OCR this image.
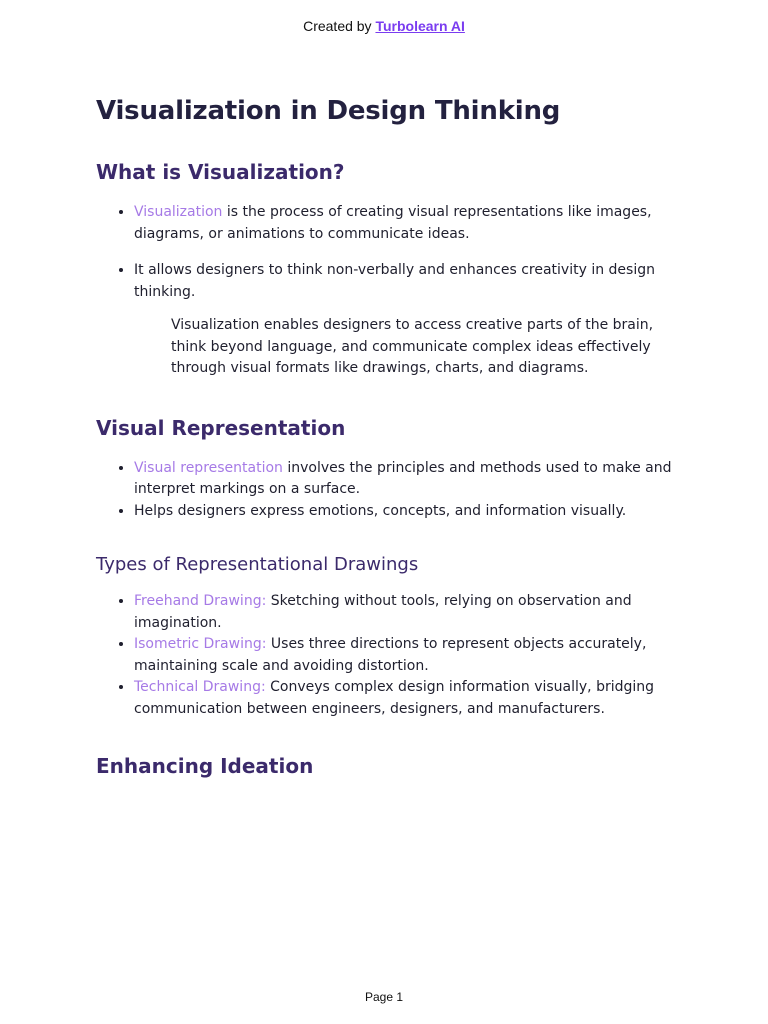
Created by Turbolearn AI
Visualization in Design Thinking
What is Visualization?
• Visualization is the process of creating visual representations like images, diagrams, or animations to communicate ideas.
• It allows designers to think non-verbally and enhances creativity in design thinking.
Visualization enables designers to access creative parts of the brain, think beyond language, and communicate complex ideas effectively through visual formats like drawings, charts, and diagrams.
Visual Representation
• Visual representation involves the principles and methods used to make and interpret markings on a surface.
• Helps designers express emotions, concepts, and information visually.
Types of Representational Drawings
• Freehand Drawing: Sketching without tools, relying on observation and imagination.
• Isometric Drawing: Uses three directions to represent objects accurately, maintaining scale and avoiding distortion.
• Technical Drawing: Conveys complex design information visually, bridging communication between engineers, designers, and manufacturers.
Enhancing Ideation
Page 1
